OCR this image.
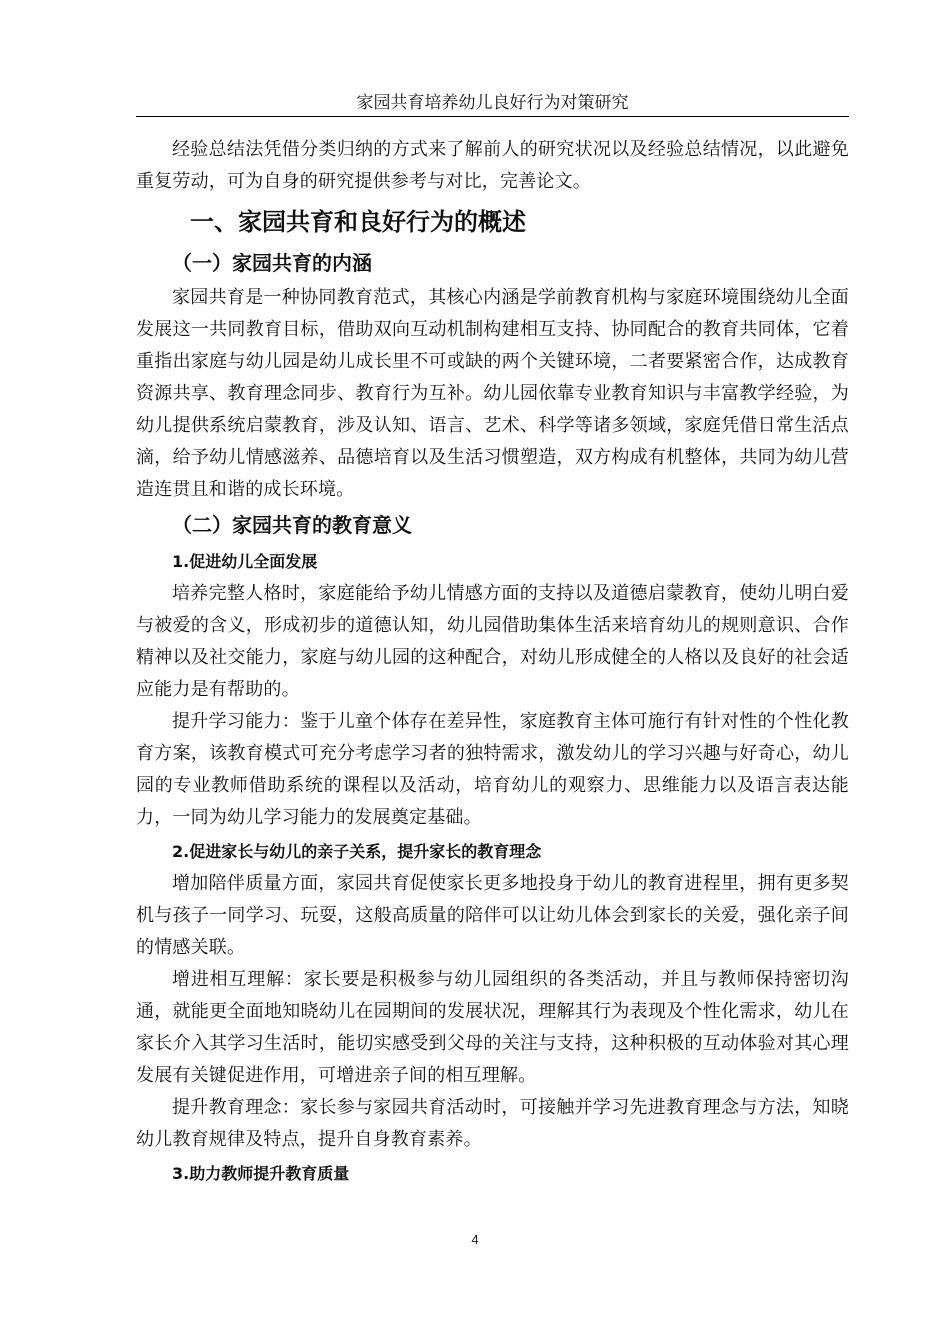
家园共育培养幼儿良好行为对策研究

经验总结法凭借分类归纳的方式来了解前人的研究状况以及经验总结情况，以此避免重复劳动，可为自身的研究提供参考与对比，完善论文。

一、家园共育和良好行为的概述
（一）家园共育的内涵

家园共育是一种协同教育范式，其核心内涵是学前教育机构与家庭环境围绕幼儿全面发展这一共同教育目标，借助双向互动机制构建相互支持、协同配合的教育共同体，它着重指出家庭与幼儿园是幼儿成长里不可或缺的两个关键环境，二者要紧密合作，达成教育资源共享、教育理念同步、教育行为互补。幼儿园依靠专业教育知识与丰富教学经验，为幼儿提供系统启蒙教育，涉及认知、语言、艺术、科学等诸多领域，家庭凭借日常生活点滴，给予幼儿情感滋养、品德培育以及生活习惯塑造，双方构成有机整体，共同为幼儿营造连贯且和谐的成长环境。

（二）家园共育的教育意义
1.促进幼儿全面发展

培养完整人格时，家庭能给予幼儿情感方面的支持以及道德启蒙教育，使幼儿明白爱与被爱的含义，形成初步的道德认知，幼儿园借助集体生活来培育幼儿的规则意识、合作精神以及社交能力，家庭与幼儿园的这种配合，对幼儿形成健全的人格以及良好的社会适应能力是有帮助的。

提升学习能力：鉴于儿童个体存在差异性，家庭教育主体可施行有针对性的个性化教育方案，该教育模式可充分考虑学习者的独特需求，激发幼儿的学习兴趣与好奇心，幼儿园的专业教师借助系统的课程以及活动，培育幼儿的观察力、思维能力以及语言表达能力，一同为幼儿学习能力的发展奠定基础。

2.促进家长与幼儿的亲子关系，提升家长的教育理念

增加陪伴质量方面，家园共育促使家长更多地投身于幼儿的教育进程里，拥有更多契机与孩子一同学习、玩耍，这般高质量的陪伴可以让幼儿体会到家长的关爱，强化亲子间的情感关联。

增进相互理解：家长要是积极参与幼儿园组织的各类活动，并且与教师保持密切沟通，就能更全面地知晓幼儿在园期间的发展状况，理解其行为表现及个性化需求，幼儿在家长介入其学习生活时，能切实感受到父母的关注与支持，这种积极的互动体验对其心理发展有关键促进作用，可增进亲子间的相互理解。

提升教育理念：家长参与家园共育活动时，可接触并学习先进教育理念与方法，知晓幼儿教育规律及特点，提升自身教育素养。

3.助力教师提升教育质量
4
